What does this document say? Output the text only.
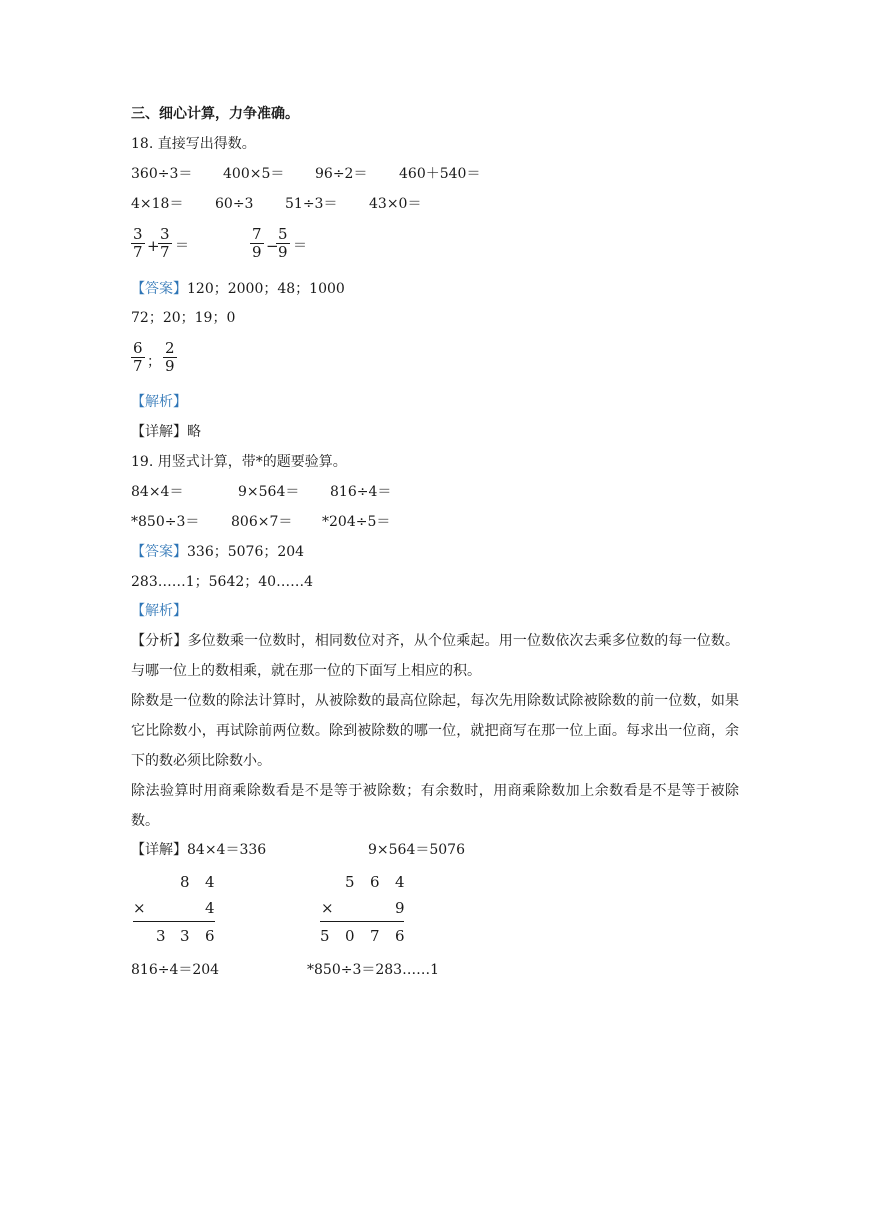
三、细心计算，力争准确。
18. 直接写出得数。
360÷3＝ 400×5＝ 96÷2＝ 460＋540＝
4×18＝ 60÷3 51÷3＝ 43×0＝
3
7 +
3
7 ＝
7
9 −
5
9 ＝
【答案】120；2000；48；1000
72；20；19；0
6
7 ；
2
9
【解析】
【详解】略
19. 用竖式计算，带*的题要验算。
84×4＝	9×564＝ 816÷4＝
*850÷3＝ 806×7＝ *204÷5＝
【答案】336；5076；204
283……1；5642；40……4
【解析】
【分析】多位数乘一位数时，相同数位对齐，从个位乘起。用一位数依次去乘多位数的每一位数。与哪一位上的数相乘，就在那一位的下面写上相应的积。
除数是一位数的除法计算时，从被除数的最高位除起，每次先用除数试除被除数的前一位数，如果它比除数小，再试除前两位数。除到被除数的哪一位，就把商写在那一位上面。每求出一位商，余下的数必须比除数小。
除法验算时用商乘除数看是不是等于被除数；有余数时，用商乘除数加上余数看是不是等于被除数。
【详解】84×4＝336	9×564＝5076
8 4
×	4
3 3 6
5 6 4
×	9
5 0 7 6
816÷4＝204	*850÷3＝283……1
